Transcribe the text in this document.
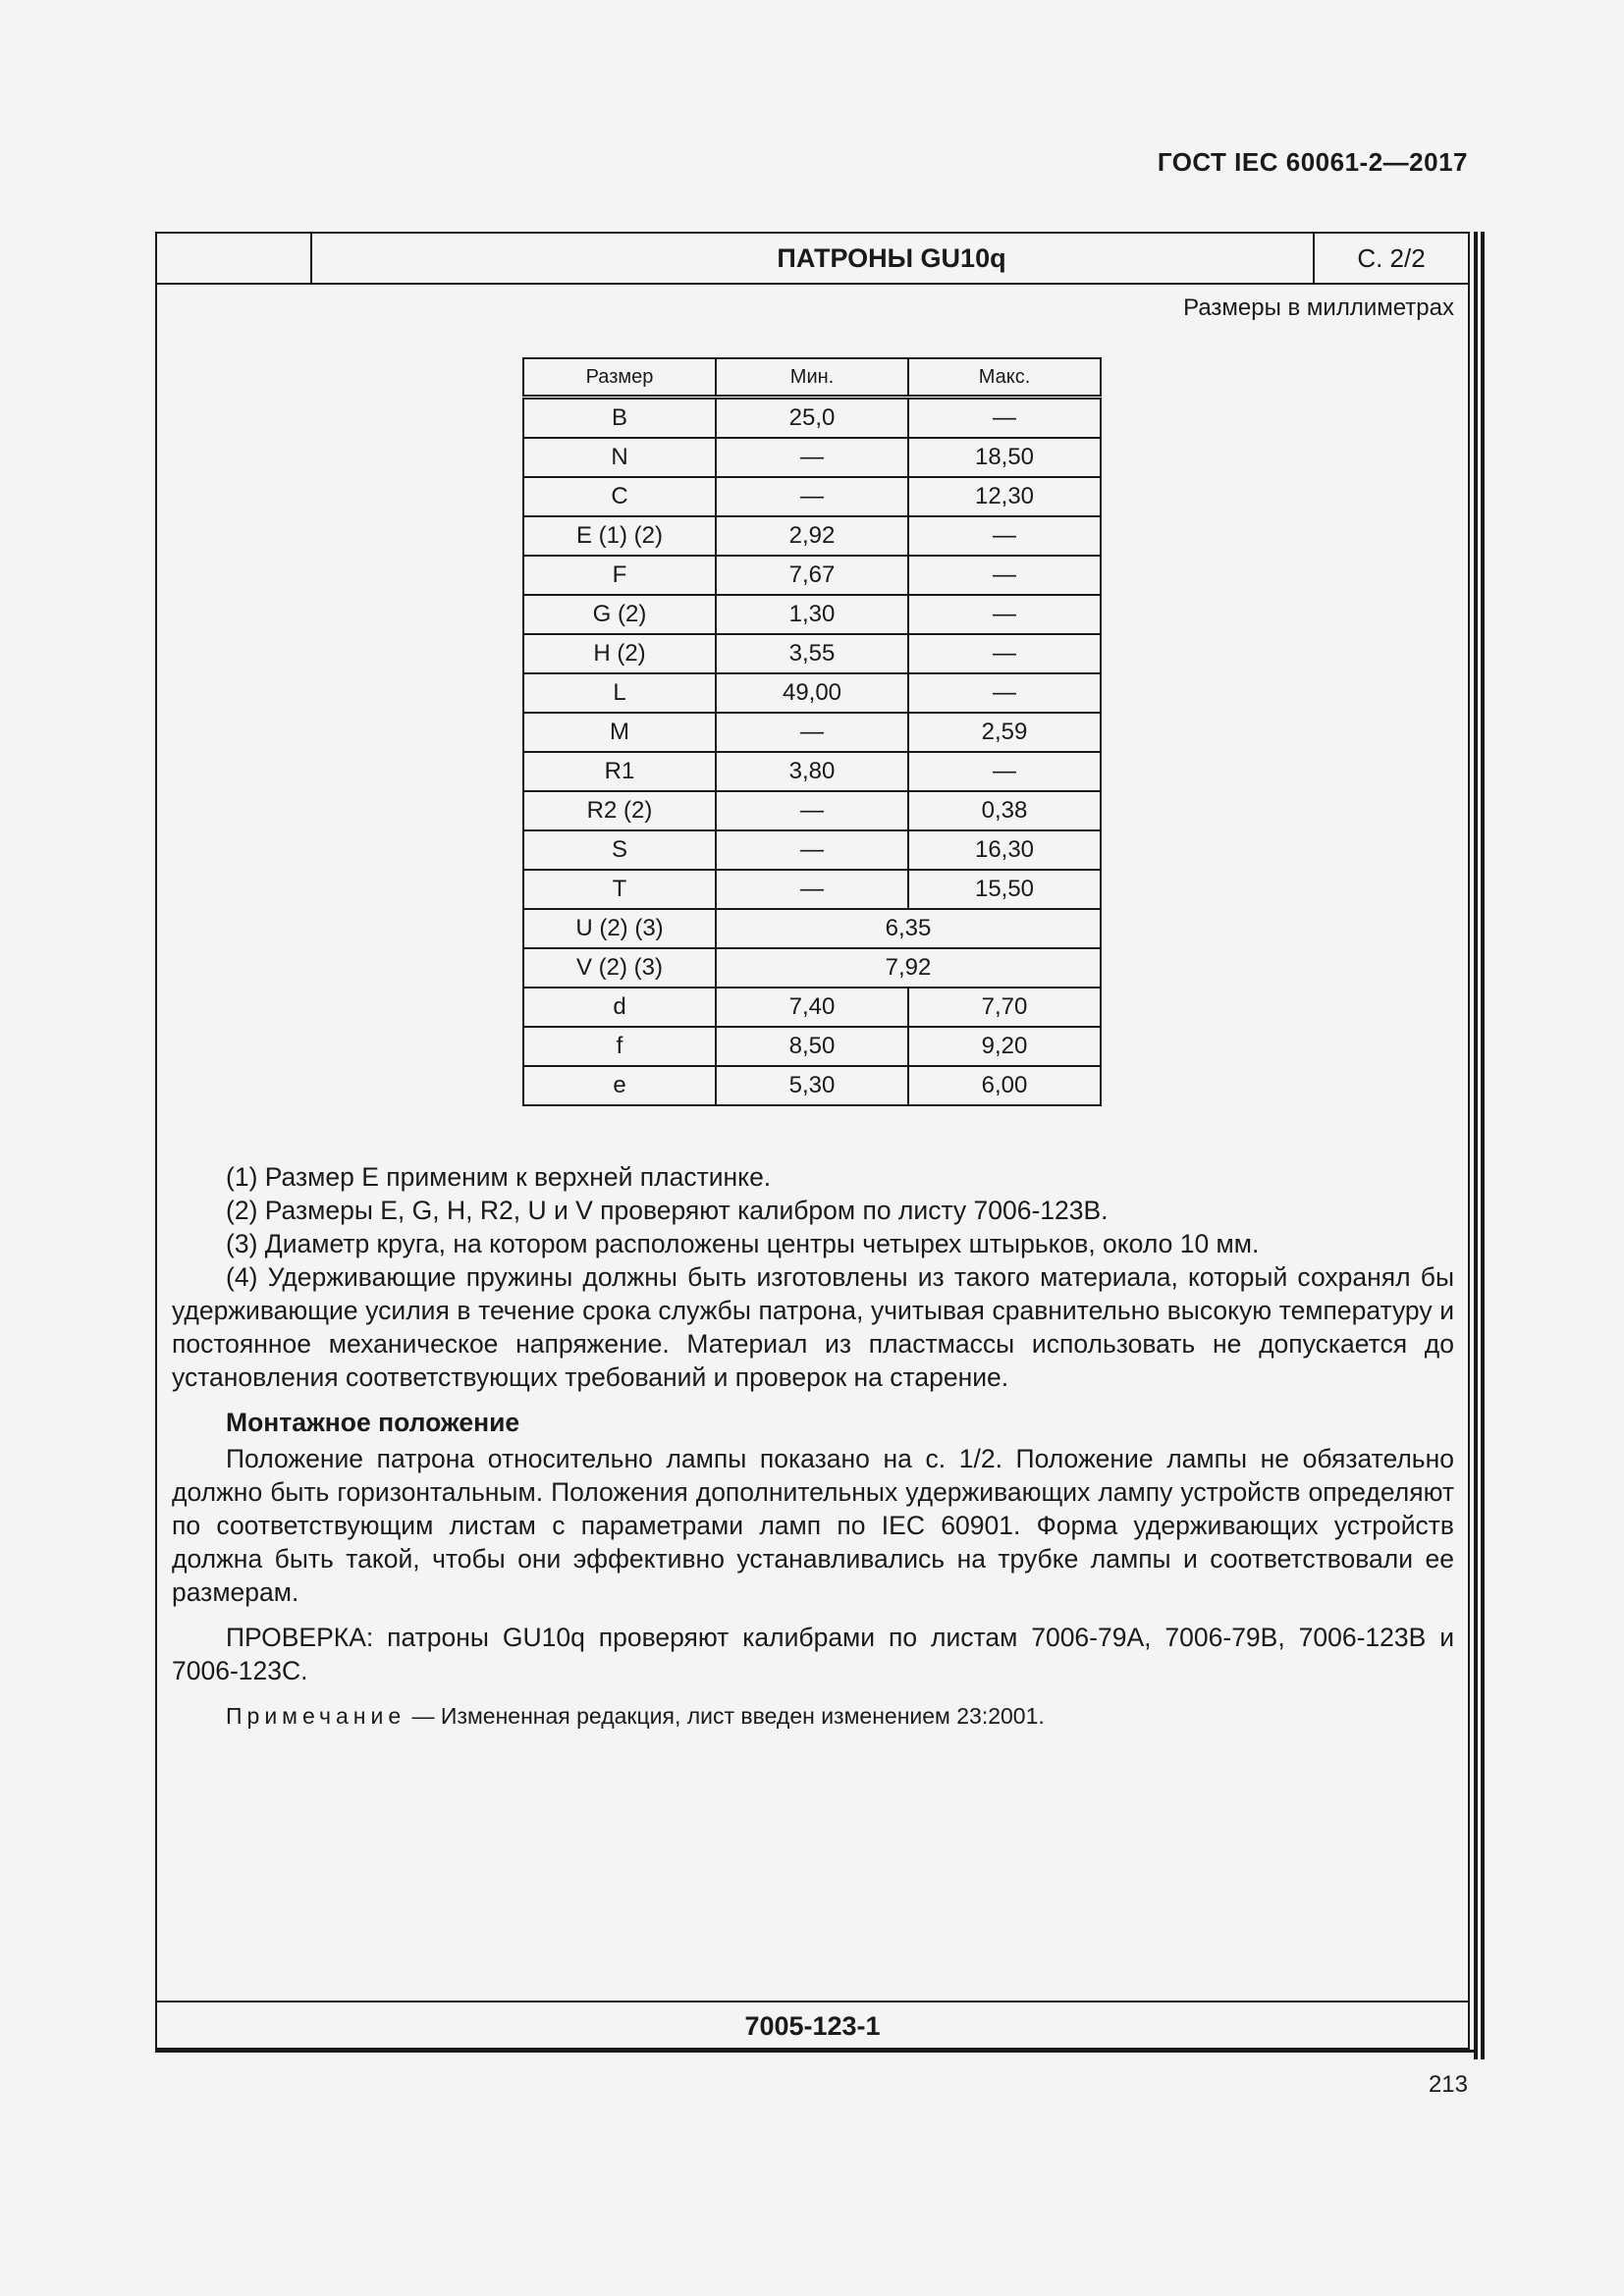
ГОСТ IEC 60061-2—2017
ПАТРОНЫ GU10q	С. 2/2
Размеры в миллиметрах
7005-123-1
Размер	Мин.	Макс.
B	25,0	—
N	—	18,50
C	—	12,30
E (1) (2)	2,92	—
F	7,67	—
G (2)	1,30	—
H (2)	3,55	—
L	49,00	—
M	—	2,59
R1	3,80	—
R2 (2)	—	0,38
S	—	16,30
T	—	15,50
U (2) (3)	6,35	
V (2) (3)	7,92	
d	7,40	7,70
f	8,50	9,20
e	5,30	6,00

(1) Размер E применим к верхней пластинке.

(2) Размеры E, G, H, R2, U и V проверяют калибром по листу 7006-123B.

(3) Диаметр круга, на котором расположены центры четырех штырьков, около 10 мм.

(4) Удерживающие пружины должны быть изготовлены из такого материала, который сохранял бы удерживающие усилия в течение срока службы патрона, учитывая сравнительно высокую температуру и постоянное механическое напряжение. Материал из пластмассы использовать не допускается до установления соответствующих требований и проверок на старение.

Монтажное положение

Положение патрона относительно лампы показано на с. 1/2. Положение лампы не обязательно должно быть горизонтальным. Положения дополнительных удерживающих лампу устройств определяют по соответствующим листам с параметрами ламп по IEC 60901. Форма удерживающих устройств должна быть такой, чтобы они эффективно устанавливались на трубке лампы и соответствовали ее размерам.

ПРОВЕРКА: патроны GU10q проверяют калибрами по листам 7006-79A, 7006-79B, 7006-123B и 7006-123C.

Примечание — Измененная редакция, лист введен изменением 23:2001.

213
